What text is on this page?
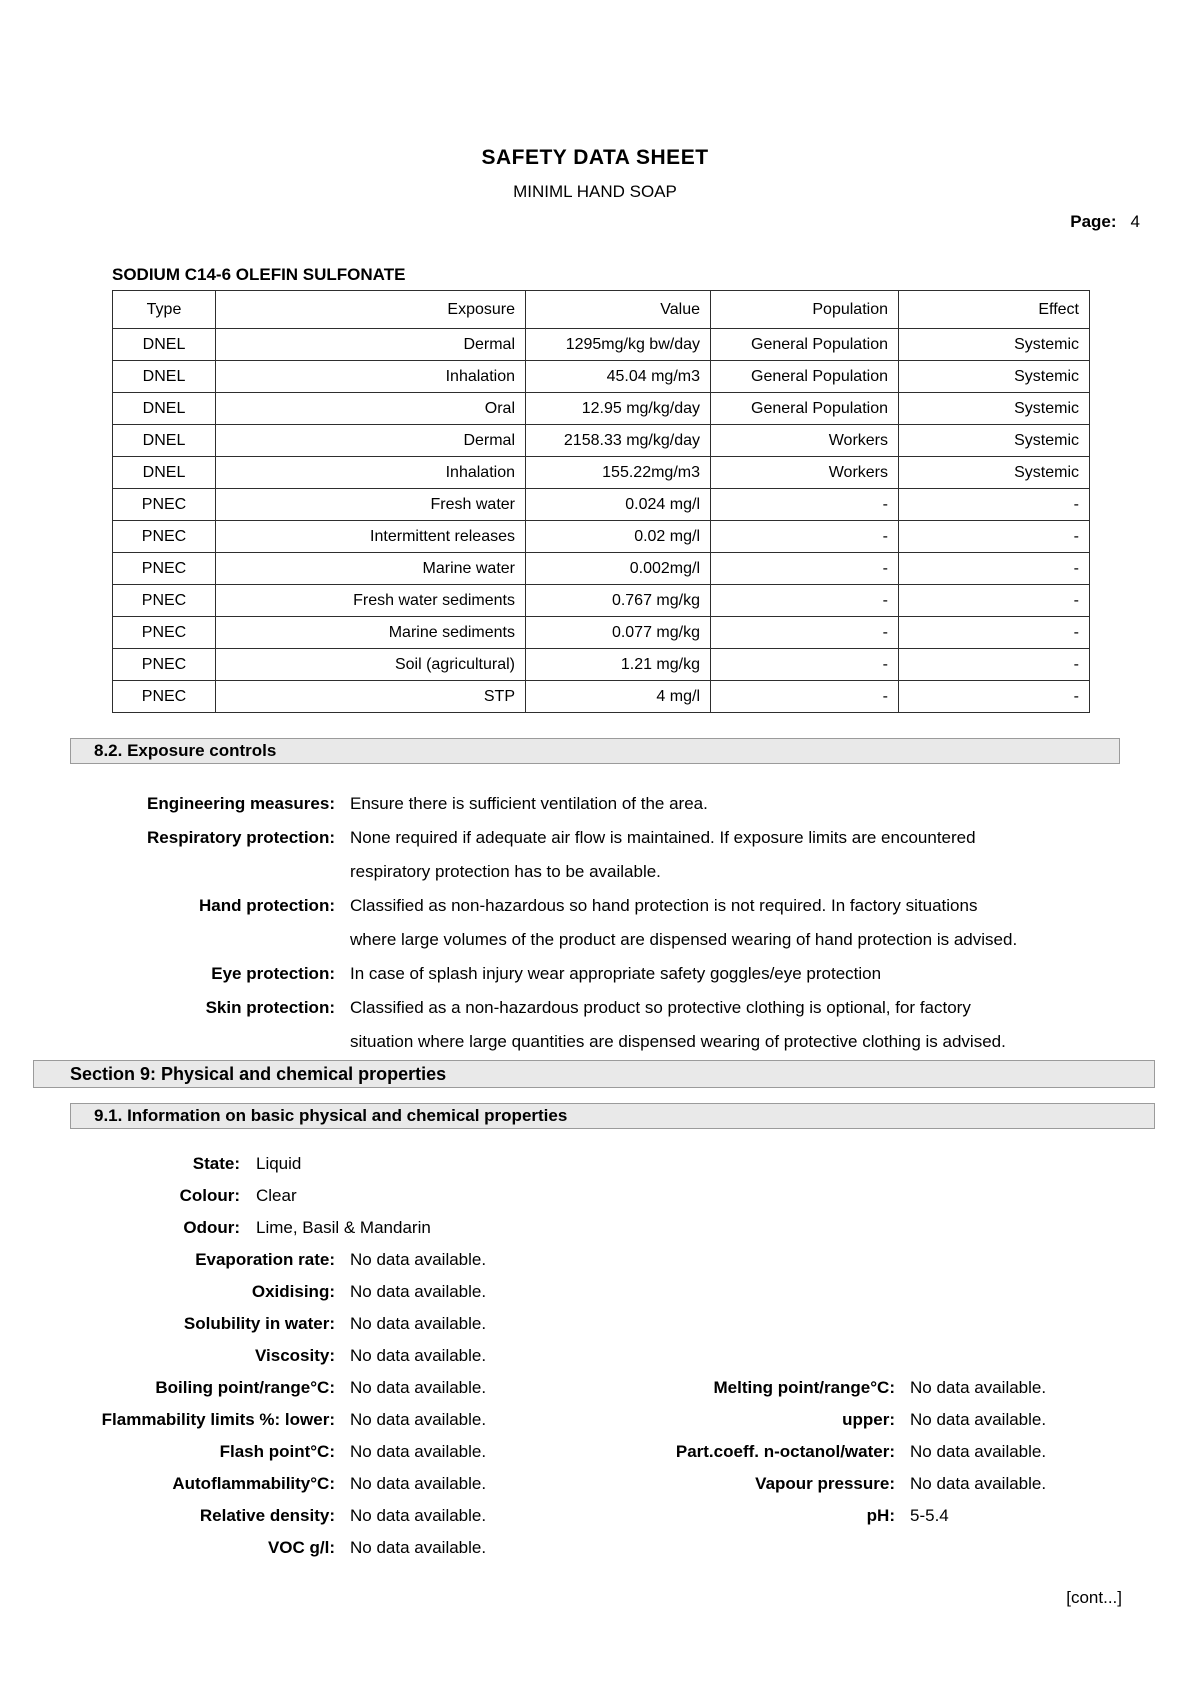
SAFETY DATA SHEET
MINIML HAND SOAP
Page: 4
SODIUM C14-6 OLEFIN SULFONATE
Type	Exposure	Value	Population	Effect
DNEL	Dermal	1295mg/kg bw/day	General Population	Systemic
DNEL	Inhalation	45.04 mg/m3	General Population	Systemic
DNEL	Oral	12.95 mg/kg/day	General Population	Systemic
DNEL	Dermal	2158.33 mg/kg/day	Workers	Systemic
DNEL	Inhalation	155.22mg/m3	Workers	Systemic
PNEC	Fresh water	0.024 mg/l	-	-
PNEC	Intermittent releases	0.02 mg/l	-	-
PNEC	Marine water	0.002mg/l	-	-
PNEC	Fresh water sediments	0.767 mg/kg	-	-
PNEC	Marine sediments	0.077 mg/kg	-	-
PNEC	Soil (agricultural)	1.21 mg/kg	-	-
PNEC	STP	4 mg/l	-	-
8.2. Exposure controls
Engineering measures: Ensure there is sufficient ventilation of the area.
Respiratory protection: None required if adequate air flow is maintained. If exposure limits are encountered respiratory protection has to be available.
Hand protection: Classified as non-hazardous so hand protection is not required. In factory situations where large volumes of the product are dispensed wearing of hand protection is advised.
Eye protection: In case of splash injury wear appropriate safety goggles/eye protection
Skin protection: Classified as a non-hazardous product so protective clothing is optional, for factory situation where large quantities are dispensed wearing of protective clothing is advised.
Section 9: Physical and chemical properties
9.1. Information on basic physical and chemical properties
State: Liquid
Colour: Clear
Odour: Lime, Basil & Mandarin
Evaporation rate: No data available.
Oxidising: No data available.
Solubility in water: No data available.
Viscosity: No data available.
Boiling point/range°C: No data available.	Melting point/range°C: No data available.
Flammability limits %: lower: No data available.	upper: No data available.
Flash point°C: No data available.	Part.coeff. n-octanol/water: No data available.
Autoflammability°C: No data available.	Vapour pressure: No data available.
Relative density: No data available.	pH: 5-5.4
VOC g/l: No data available.
[cont...]
